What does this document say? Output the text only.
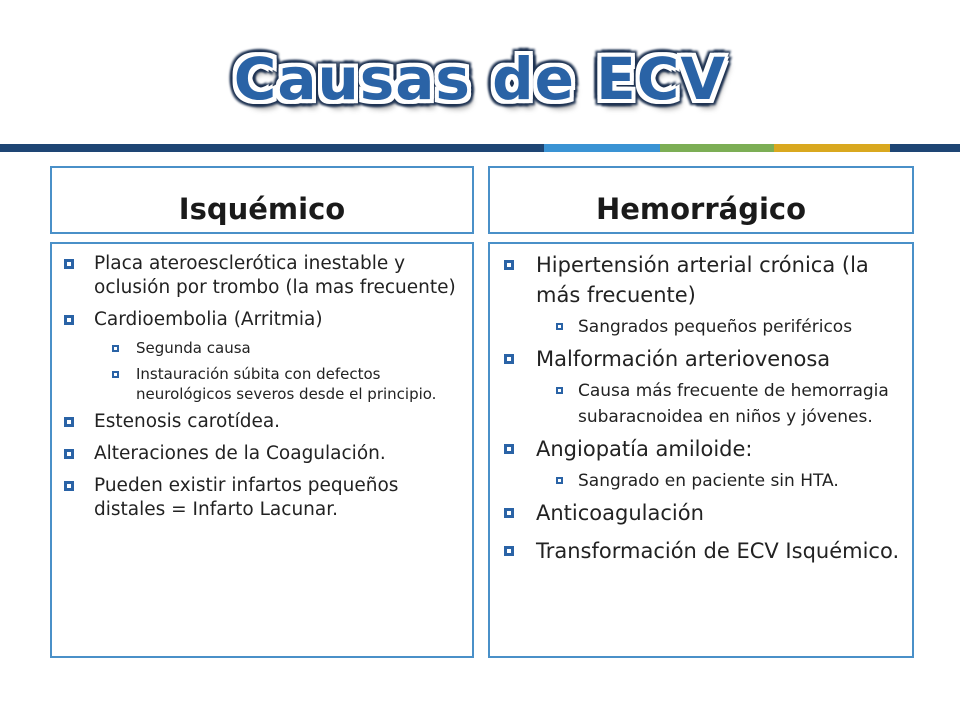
Causas de ECV
Isquémico	Hemorrágico
Placa ateroesclerótica inestable y oclusión por trombo (la mas frecuente)
Cardioembolia (Arritmia)
Segunda causa
Instauración súbita con defectos neurológicos severos desde el principio.
Estenosis carotídea.
Alteraciones de la Coagulación.
Pueden existir infartos pequeños distales = Infarto Lacunar.
Hipertensión arterial crónica (la más frecuente)
Sangrados pequeños periféricos
Malformación arteriovenosa
Causa más frecuente de hemorragia subaracnoidea en niños y jóvenes.
Angiopatía amiloide:
Sangrado en paciente sin HTA.
Anticoagulación
Transformación de ECV Isquémico.
